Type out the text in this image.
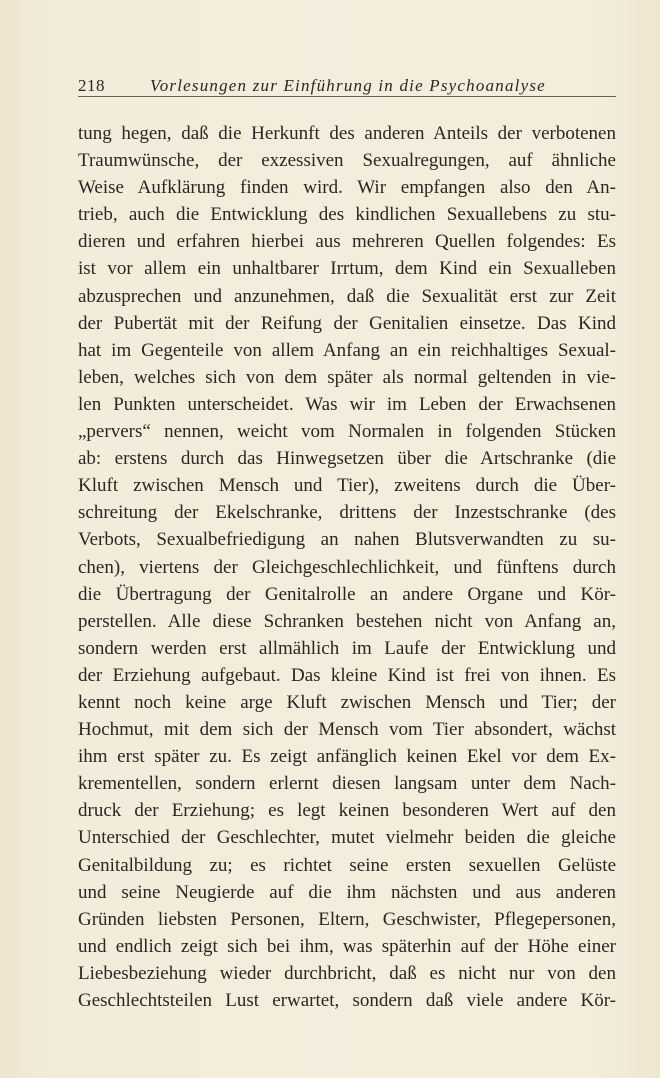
218	Vorlesungen zur Einführung in die Psychoanalyse
tung hegen, daß die Herkunft des anderen Anteils der verbotenen
Traumwünsche, der exzessiven Sexualregungen, auf ähnliche
Weise Aufklärung finden wird. Wir empfangen also den An-
trieb, auch die Entwicklung des kindlichen Sexuallebens zu stu-
dieren und erfahren hierbei aus mehreren Quellen folgendes: Es
ist vor allem ein unhaltbarer Irrtum, dem Kind ein Sexualleben
abzusprechen und anzunehmen, daß die Sexualität erst zur Zeit
der Pubertät mit der Reifung der Genitalien einsetze. Das Kind
hat im Gegenteile von allem Anfang an ein reichhaltiges Sexual-
leben, welches sich von dem später als normal geltenden in vie-
len Punkten unterscheidet. Was wir im Leben der Erwachsenen
„pervers“ nennen, weicht vom Normalen in folgenden Stücken
ab: erstens durch das Hinwegsetzen über die Artschranke (die
Kluft zwischen Mensch und Tier), zweitens durch die Über-
schreitung der Ekelschranke, drittens der Inzestschranke (des
Verbots, Sexualbefriedigung an nahen Blutsverwandten zu su-
chen), viertens der Gleichgeschlechlichkeit, und fünftens durch
die Übertragung der Genitalrolle an andere Organe und Kör-
perstellen. Alle diese Schranken bestehen nicht von Anfang an,
sondern werden erst allmählich im Laufe der Entwicklung und
der Erziehung aufgebaut. Das kleine Kind ist frei von ihnen. Es
kennt noch keine arge Kluft zwischen Mensch und Tier; der
Hochmut, mit dem sich der Mensch vom Tier absondert, wächst
ihm erst später zu. Es zeigt anfänglich keinen Ekel vor dem Ex-
krementellen, sondern erlernt diesen langsam unter dem Nach-
druck der Erziehung; es legt keinen besonderen Wert auf den
Unterschied der Geschlechter, mutet vielmehr beiden die gleiche
Genitalbildung zu; es richtet seine ersten sexuellen Gelüste
und seine Neugierde auf die ihm nächsten und aus anderen
Gründen liebsten Personen, Eltern, Geschwister, Pflegepersonen,
und endlich zeigt sich bei ihm, was späterhin auf der Höhe einer
Liebesbeziehung wieder durchbricht, daß es nicht nur von den
Geschlechtsteilen Lust erwartet, sondern daß viele andere Kör-
